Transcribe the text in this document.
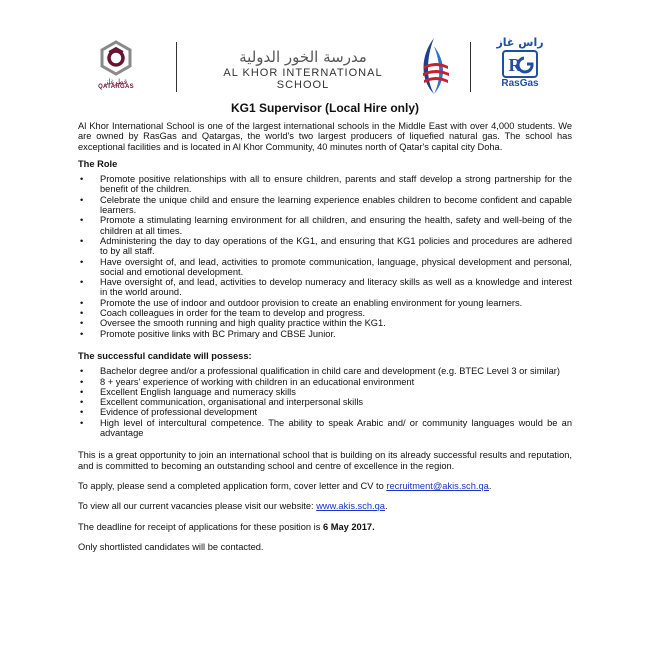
قطرغاز
QATARGAS
مدرسة الخور الدولية
AL KHOR INTERNATIONAL SCHOOL
راس غاز
R
RasGas
KG1 Supervisor (Local Hire only)

Al Khor International School is one of the largest international schools in the Middle East with over 4,000 students. We are owned by RasGas and Qatargas, the world's two largest producers of liquefied natural gas. The school has exceptional facilities and is located in Al Khor Community, 40 minutes north of Qatar's capital city Doha.

The Role
• Promote positive relationships with all to ensure children, parents and staff develop a strong partnership for the benefit of the children.
• Celebrate the unique child and ensure the learning experience enables children to become confident and capable learners.
• Promote a stimulating learning environment for all children, and ensuring the health, safety and well-being of the children at all times.
• Administering the day to day operations of the KG1, and ensuring that KG1 policies and procedures are adhered to by all staff.
• Have oversight of, and lead, activities to promote communication, language, physical development and personal, social and emotional development.
• Have oversight of, and lead, activities to develop numeracy and literacy skills as well as a knowledge and interest in the world around.
• Promote the use of indoor and outdoor provision to create an enabling environment for young learners.
• Coach colleagues in order for the team to develop and progress.
• Oversee the smooth running and high quality practice within the KG1.
• Promote positive links with BC Primary and CBSE Junior.
The successful candidate will possess:
• Bachelor degree and/or a professional qualification in child care and development (e.g. BTEC Level 3 or similar)
• 8 + years' experience of working with children in an educational environment
• Excellent English language and numeracy skills
• Excellent communication, organisational and interpersonal skills
• Evidence of professional development
• High level of intercultural competence. The ability to speak Arabic and/ or community languages would be an advantage

This is a great opportunity to join an international school that is building on its already successful results and reputation, and is committed to becoming an outstanding school and centre of excellence in the region.

To apply, please send a completed application form, cover letter and CV to recruitment@akis.sch.qa.

To view all our current vacancies please visit our website: www.akis.sch.qa.

The deadline for receipt of applications for these position is 6 May 2017.

Only shortlisted candidates will be contacted.
